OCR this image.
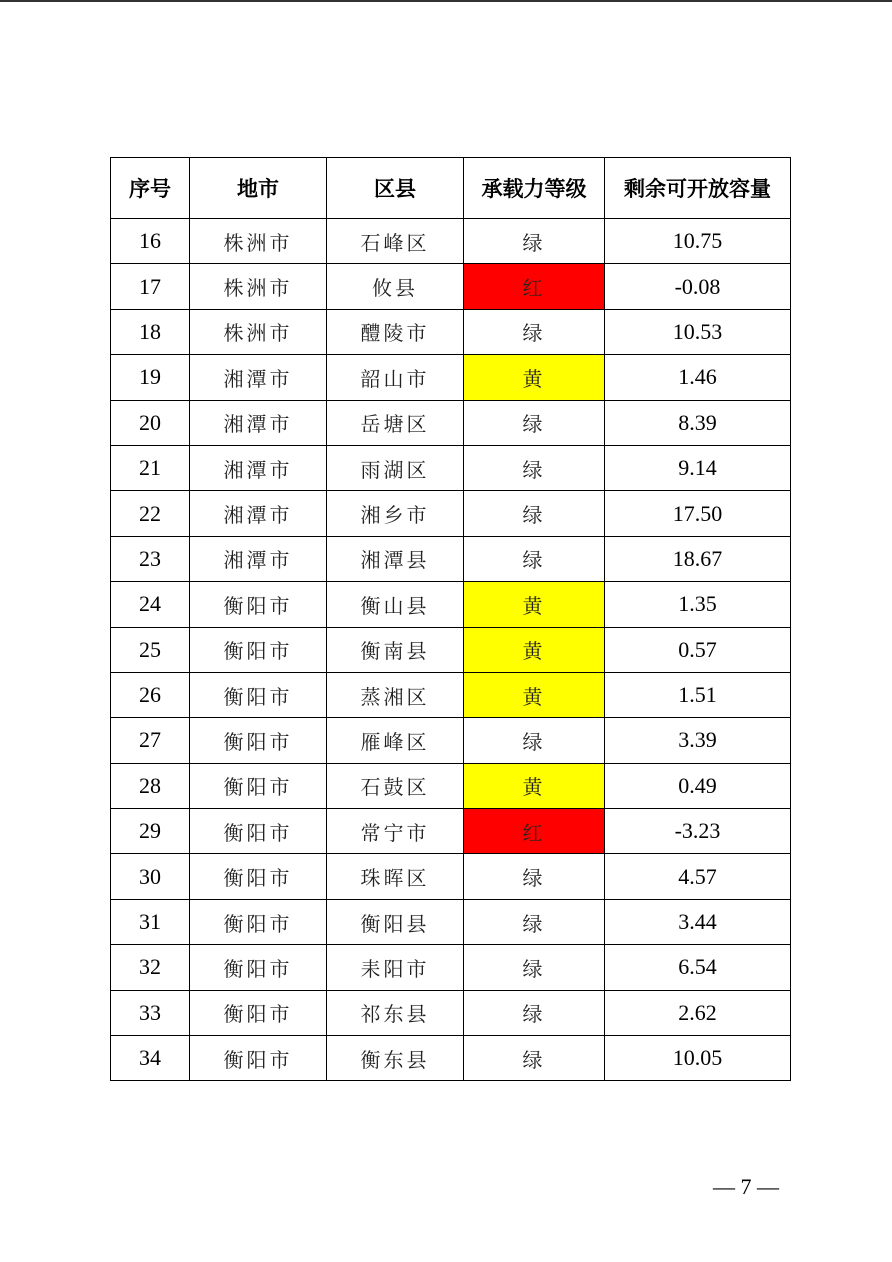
序号	地市	区县	承载力等级	剩余可开放容量
16	株洲市	石峰区	绿	10.75
17	株洲市	攸县	红	-0.08
18	株洲市	醴陵市	绿	10.53
19	湘潭市	韶山市	黄	1.46
20	湘潭市	岳塘区	绿	8.39
21	湘潭市	雨湖区	绿	9.14
22	湘潭市	湘乡市	绿	17.50
23	湘潭市	湘潭县	绿	18.67
24	衡阳市	衡山县	黄	1.35
25	衡阳市	衡南县	黄	0.57
26	衡阳市	蒸湘区	黄	1.51
27	衡阳市	雁峰区	绿	3.39
28	衡阳市	石鼓区	黄	0.49
29	衡阳市	常宁市	红	-3.23
30	衡阳市	珠晖区	绿	4.57
31	衡阳市	衡阳县	绿	3.44
32	衡阳市	耒阳市	绿	6.54
33	衡阳市	祁东县	绿	2.62
34	衡阳市	衡东县	绿	10.05
— 7 —
